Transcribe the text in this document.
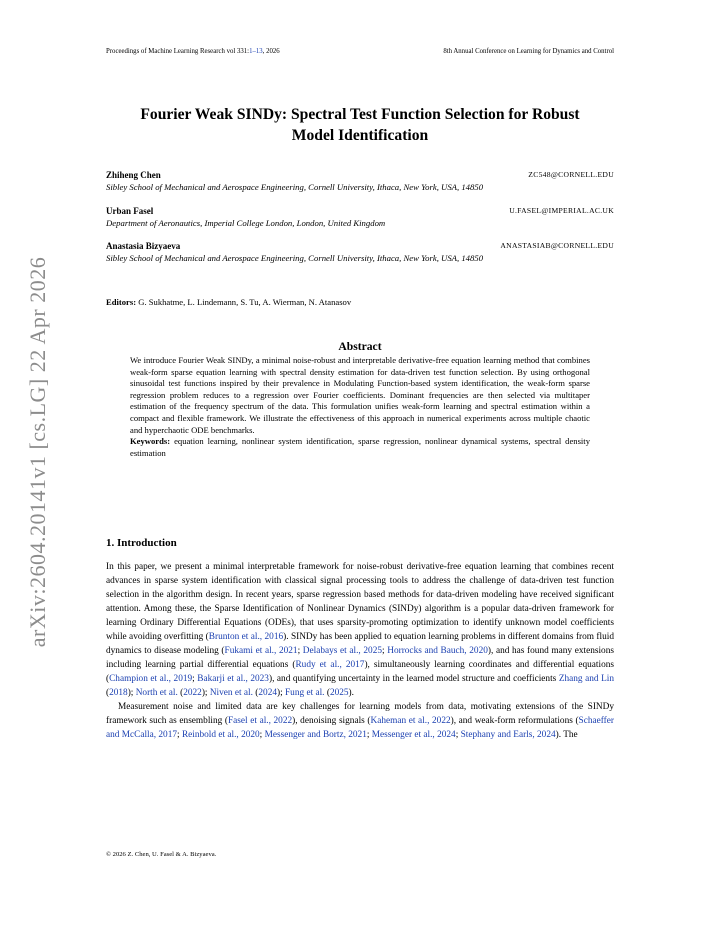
Proceedings of Machine Learning Research vol 331:1–13, 2026	8th Annual Conference on Learning for Dynamics and Control
arXiv:2604.20141v1 [cs.LG] 22 Apr 2026
Fourier Weak SINDy: Spectral Test Function Selection for Robust
Model Identification
Zhiheng Chen	ZC548@CORNELL.EDU
Sibley School of Mechanical and Aerospace Engineering, Cornell University, Ithaca, New York, USA, 14850
Urban Fasel	U.FASEL@IMPERIAL.AC.UK
Department of Aeronautics, Imperial College London, London, United Kingdom
Anastasia Bizyaeva	ANASTASIAB@CORNELL.EDU
Sibley School of Mechanical and Aerospace Engineering, Cornell University, Ithaca, New York, USA, 14850
Editors: G. Sukhatme, L. Lindemann, S. Tu, A. Wierman, N. Atanasov
Abstract

We introduce Fourier Weak SINDy, a minimal noise-robust and interpretable derivative-free equation learning method that combines weak-form sparse equation learning with spectral density estimation for data-driven test function selection. By using orthogonal sinusoidal test functions inspired by their prevalence in Modulating Function-based system identification, the weak-form sparse regression problem reduces to a regression over Fourier coefficients. Dominant frequencies are then selected via multitaper estimation of the frequency spectrum of the data. This formulation unifies weak-form learning and spectral estimation within a compact and flexible framework. We illustrate the effectiveness of this approach in numerical experiments across multiple chaotic and hyperchaotic ODE benchmarks.

Keywords: equation learning, nonlinear system identification, sparse regression, nonlinear dynamical systems, spectral density estimation

1. Introduction

In this paper, we present a minimal interpretable framework for noise-robust derivative-free equation learning that combines recent advances in sparse system identification with classical signal processing tools to address the challenge of data-driven test function selection in the algorithm design. In recent years, sparse regression based methods for data-driven modeling have received significant attention. Among these, the Sparse Identification of Nonlinear Dynamics (SINDy) algorithm is a popular data-driven framework for learning Ordinary Differential Equations (ODEs), that uses sparsity-promoting optimization to identify unknown model coefficients while avoiding overfitting (Brunton et al., 2016). SINDy has been applied to equation learning problems in different domains from fluid dynamics to disease modeling (Fukami et al., 2021; Delabays et al., 2025; Horrocks and Bauch, 2020), and has found many extensions including learning partial differential equations (Rudy et al., 2017), simultaneously learning coordinates and differential equations (Champion et al., 2019; Bakarji et al., 2023), and quantifying uncertainty in the learned model structure and coefficients Zhang and Lin (2018); North et al. (2022); Niven et al. (2024); Fung et al. (2025).

Measurement noise and limited data are key challenges for learning models from data, motivating extensions of the SINDy framework such as ensembling (Fasel et al., 2022), denoising signals (Kaheman et al., 2022), and weak-form reformulations (Schaeffer and McCalla, 2017; Reinbold et al., 2020; Messenger and Bortz, 2021; Messenger et al., 2024; Stephany and Earls, 2024). The

© 2026 Z. Chen, U. Fasel & A. Bizyaeva.
